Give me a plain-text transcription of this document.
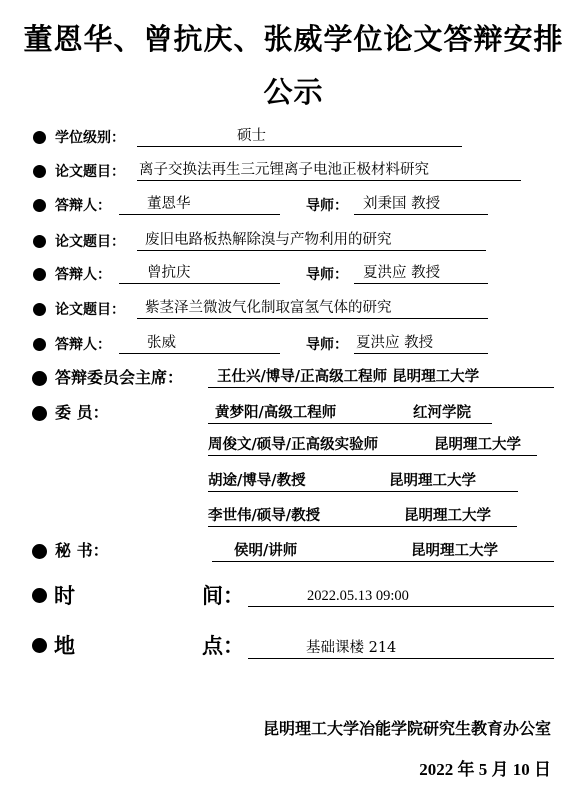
董恩华、曾抗庆、张威学位论文答辩安排
公示
学位级别：	硕士
论文题目： 离子交换法再生三元锂离子电池正极材料研究
答辩人： 董恩华	导师： 刘秉国 教授
论文题目： 废旧电路板热解除溴与产物利用的研究
答辩人： 曾抗庆	导师： 夏洪应 教授
论文题目： 紫茎泽兰微波气化制取富氢气体的研究
答辩人： 张威	导师： 夏洪应 教授
答辩委员会主席： 王仕兴/博导/正高级工程师 昆明理工大学
委 员：	黄梦阳/高级工程师	红河学院
周俊文/硕导/正高级实验师	昆明理工大学
胡途/博导/教授	昆明理工大学
李世伟/硕导/教授	昆明理工大学
秘 书：	侯明/讲师	昆明理工大学
时	间：	2022.05.13 09:00
地	点：	基础课楼 214
昆明理工大学冶能学院研究生教育办公室
2022 年 5 月 10 日
